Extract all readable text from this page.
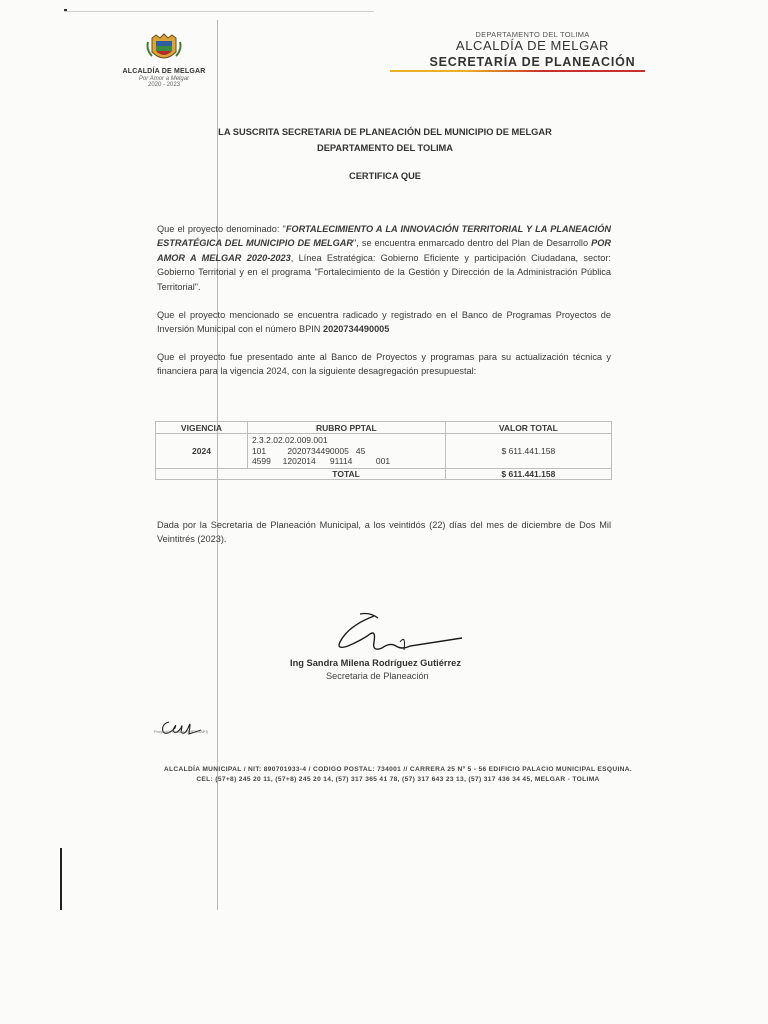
ALCALDÍA DE MELGAR
Por Amor a Melgar
2020 - 2023
DEPARTAMENTO DEL TOLIMA
ALCALDÍA DE MELGAR
SECRETARÍA DE PLANEACIÓN
LA SUSCRITA SECRETARIA DE PLANEACIÓN DEL MUNICIPIO DE MELGAR
DEPARTAMENTO DEL TOLIMA
CERTIFICA QUE
Que el proyecto denominado: "FORTALECIMIENTO A LA INNOVACIÓN TERRITORIAL Y LA PLANEACIÓN ESTRATÉGICA DEL MUNICIPIO DE MELGAR", se encuentra enmarcado dentro del Plan de Desarrollo POR AMOR A MELGAR 2020-2023, Línea Estratégica: Gobierno Eficiente y participación Ciudadana, sector: Gobierno Territorial y en el programa "Fortalecimiento de la Gestión y Dirección de la Administración Pública Territorial".
Que el proyecto mencionado se encuentra radicado y registrado en el Banco de Programas Proyectos de Inversión Municipal con el número BPIN 2020734490005
Que el proyecto fue presentado ante al Banco de Proyectos y programas para su actualización técnica y financiera para la vigencia 2024, con la siguiente desagregación presupuestal:
VIGENCIA	RUBRO PPTAL	VALOR TOTAL
2024	2.3.2.02.02.009.001
101         2020734490005   45
4599     1202014      91114          001	$ 611.441.158
	TOTAL	$ 611.441.158
Dada por la Secretaria de Planeación Municipal, a los veintidós (22) días del mes de diciembre de Dos Mil Veintitrés (2023).
Ing Sandra Milena Rodríguez Gutiérrez
Secretaria de Planeación
Proyectó: Revisó: (BPP-OAPI)
ALCALDÍA MUNICIPAL / NIT: 890701933-4 / CODIGO POSTAL: 734001 // CARRERA 25 Nº 5 - 56 EDIFICIO PALACIO MUNICIPAL ESQUINA.
CEL: (57+8) 245 20 11, (57+8) 245 20 14, (57) 317 365 41 78, (57) 317 643 23 13, (57) 317 436 34 45, MELGAR - TOLIMA
